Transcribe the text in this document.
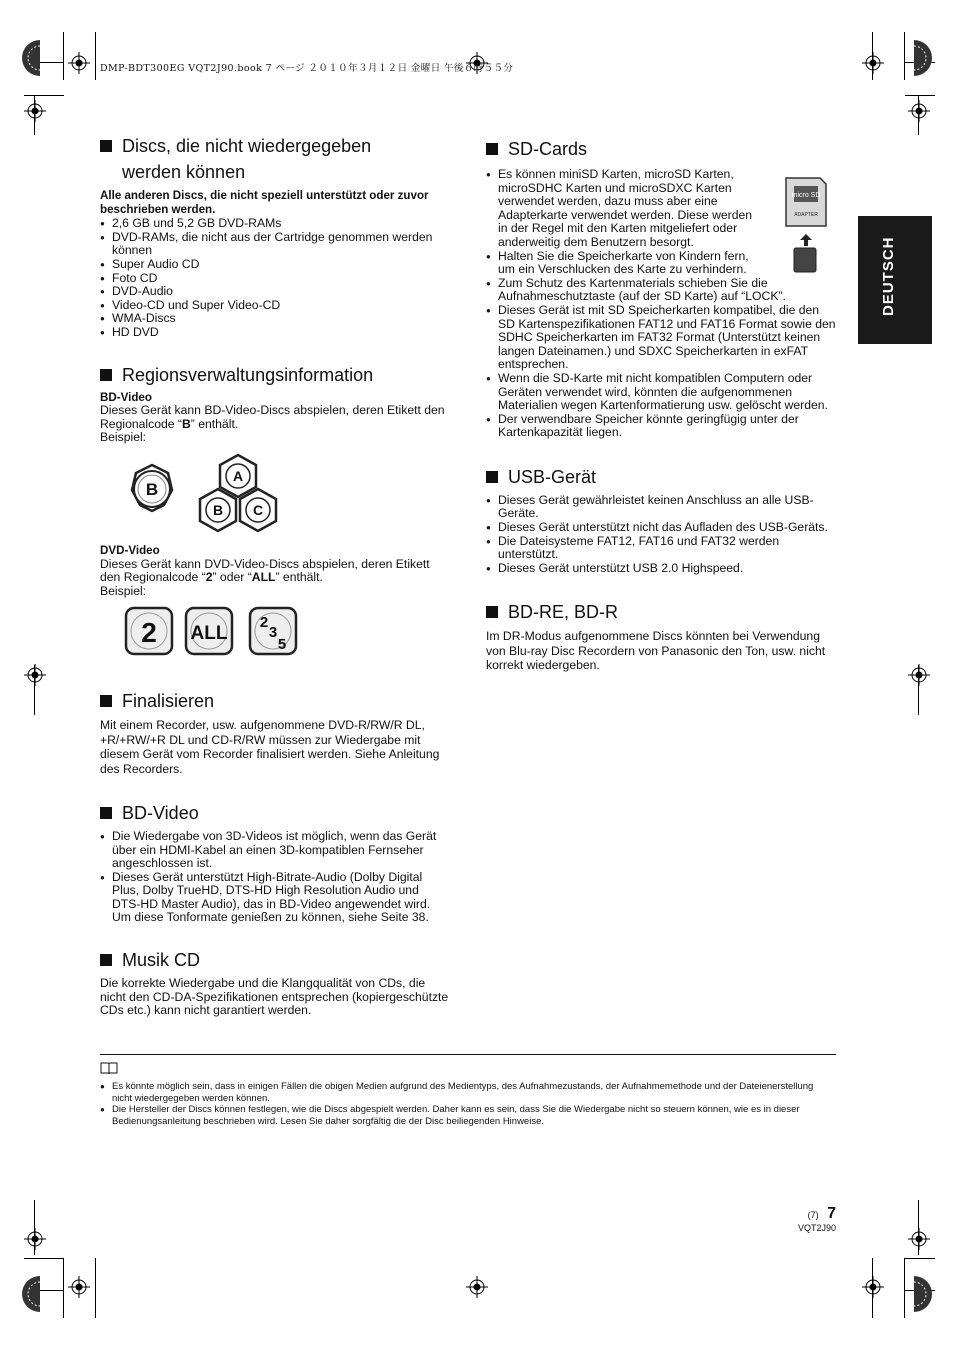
DMP-BDT300EG VQT2J90.book 7 ページ ２０１０年３月１２日 金曜日 午後６時５５分
DEUTSCH
Discs, die nicht wiedergegeben
werden können

Alle anderen Discs, die nicht speziell unterstützt oder zuvor beschrieben werden.

● 2,6 GB und 5,2 GB DVD-RAMs
● DVD-RAMs, die nicht aus der Cartridge genommen werden können
● Super Audio CD
● Foto CD
● DVD-Audio
● Video-CD und Super Video-CD
● WMA-Discs
● HD DVD
Regionsverwaltungsinformation

BD-Video

Dieses Gerät kann BD-Video-Discs abspielen, deren Etikett den Regionalcode “B” enthält.

Beispiel:

B
A
B C

DVD-Video

Dieses Gerät kann DVD-Video-Discs abspielen, deren Etikett den Regionalcode “2” oder “ALL” enthält.

Beispiel:

2 ALL
2
3
5
Finalisieren

Mit einem Recorder, usw. aufgenommene DVD-R/RW/R DL, +R/+RW/+R DL und CD-R/RW müssen zur Wiedergabe mit diesem Gerät vom Recorder finalisiert werden. Siehe Anleitung des Recorders.

BD-Video
● Die Wiedergabe von 3D-Videos ist möglich, wenn das Gerät über ein HDMI-Kabel an einen 3D-kompatiblen Fernseher angeschlossen ist.
● Dieses Gerät unterstützt High-Bitrate-Audio (Dolby Digital Plus, Dolby TrueHD, DTS-HD High Resolution Audio und DTS-HD Master Audio), das in BD-Video angewendet wird. Um diese Tonformate genießen zu können, siehe Seite 38.
Musik CD

Die korrekte Wiedergabe und die Klangqualität von CDs, die nicht den CD-DA-Spezifikationen entsprechen (kopiergeschützte CDs etc.) kann nicht garantiert werden.

SD-Cards
micro SD
ADAPTER
● Es können miniSD Karten, microSD Karten, microSDHC Karten und microSDXC Karten verwendet werden, dazu muss aber eine Adapterkarte verwendet werden. Diese werden in der Regel mit den Karten mitgeliefert oder anderweitig dem Benutzern besorgt.
● Halten Sie die Speicherkarte von Kindern fern, um ein Verschlucken des Karte zu verhindern.
● Zum Schutz des Kartenmaterials schieben Sie die Aufnahmeschutztaste (auf der SD Karte) auf “LOCK”.
● Dieses Gerät ist mit SD Speicherkarten kompatibel, die den SD Kartenspezifikationen FAT12 und FAT16 Format sowie den SDHC Speicherkarten im FAT32 Format (Unterstützt keinen langen Dateinamen.) und SDXC Speicherkarten in exFAT entsprechen.
● Wenn die SD-Karte mit nicht kompatiblen Computern oder Geräten verwendet wird, könnten die aufgenommenen Materialien wegen Kartenformatierung usw. gelöscht werden.
● Der verwendbare Speicher könnte geringfügig unter der Kartenkapazität liegen.
USB-Gerät
● Dieses Gerät gewährleistet keinen Anschluss an alle USB-Geräte.
● Dieses Gerät unterstützt nicht das Aufladen des USB-Geräts.
● Die Dateisysteme FAT12, FAT16 und FAT32 werden unterstützt.
● Dieses Gerät unterstützt USB 2.0 Highspeed.
BD-RE, BD-R

Im DR-Modus aufgenommene Discs könnten bei Verwendung von Blu-ray Disc Recordern von Panasonic den Ton, usw. nicht korrekt wiedergeben.

● Es könnte möglich sein, dass in einigen Fällen die obigen Medien aufgrund des Medientyps, des Aufnahmezustands, der Aufnahmemethode und der Dateienerstellung nicht wiedergegeben werden können.
● Die Hersteller der Discs können festlegen, wie die Discs abgespielt werden. Daher kann es sein, dass Sie die Wiedergabe nicht so steuern können, wie es in dieser Bedienungsanleitung beschrieben wird. Lesen Sie daher sorgfältig die der Disc beiliegenden Hinweise.
(7) 7
VQT2J90
